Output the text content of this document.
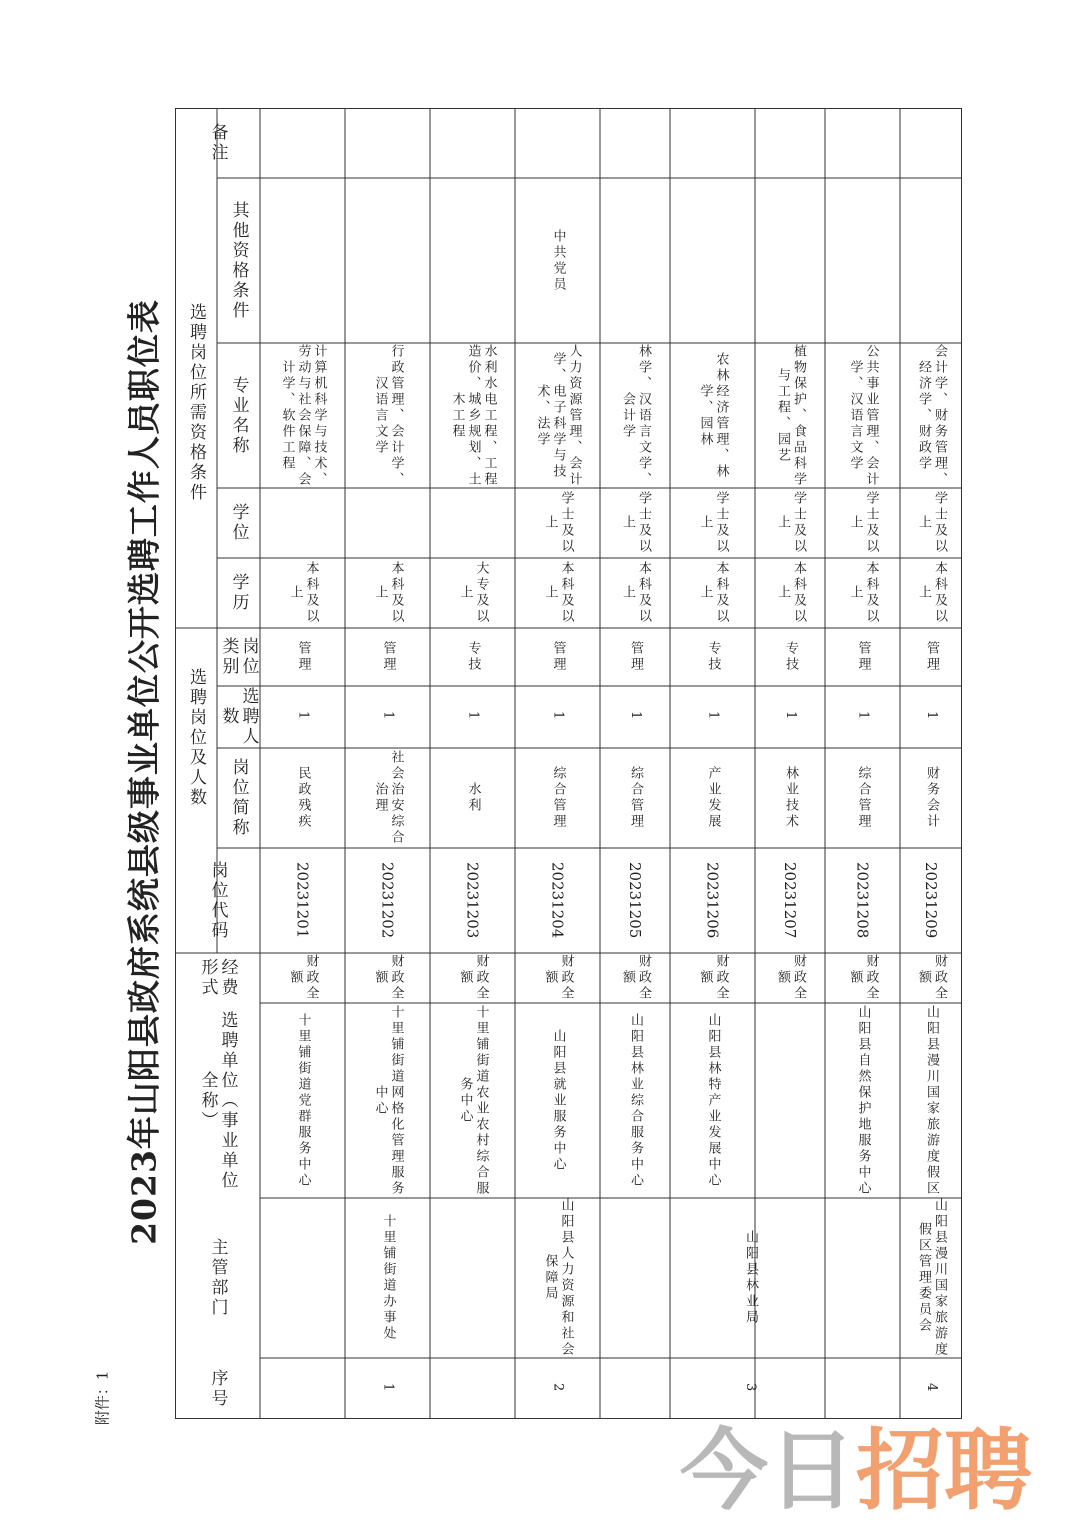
附件：1
2023年山阳县政府系统县级事业单位公开选聘工作人员职位表
序号
主管部门
选聘单位（事业单位全称）
经费形式
岗位代码
选聘岗位及人数 岗位简称
选聘人数
岗位类别
选聘岗位所需资格条件
学历
学位
专业名称
其他资格条件
备注
十里铺街道党群服务中心
财政全额
20231201
民政残疾
1
管理
本科及以上
计算机科学与技术、劳动与社会保障、会计学、软件工程
十里铺街道网格化管理服务中心
财政全额
20231202
社会治安综合治理
1
管理
本科及以上
行政管理、会计学、汉语言文学
十里铺街道农业农村综合服务中心
财政全额
20231203
水利
1
专技
大专及以上
水利水电工程、工程造价、城乡规划、土木工程
山阳县就业服务中心
财政全额
20231204
综合管理
1
管理
本科及以上
学士及以上
人力资源管理、会计学、电子科学与技术、法学
中共党员
山阳县林业综合服务中心
财政全额
20231205
综合管理
1
管理
本科及以上
学士及以上
林学、汉语言文学、会计学
山阳县林特产业发展中心
财政全额
20231206
产业发展
1
专技
本科及以上
学士及以上
农林经济管理、林学、园林
财政全额
20231207
林业技术
1
专技
本科及以上
学士及以上
植物保护、食品科学与工程、园艺
山阳县自然保护地服务中心
财政全额
20231208
综合管理
1
管理
本科及以上
学士及以上
公共事业管理、会计学、汉语言文学
山阳县漫川国家旅游度假区
财政全额
20231209
财务会计
1
管理
本科及以上
学士及以上
会计学、财务管理、经济学、财政学
1
十里铺街道办事处
2
山阳县人力资源和社会保障局
3
山阳县林业局
4
山阳县漫川国家旅游度假区管理委员会
今日 招聘
